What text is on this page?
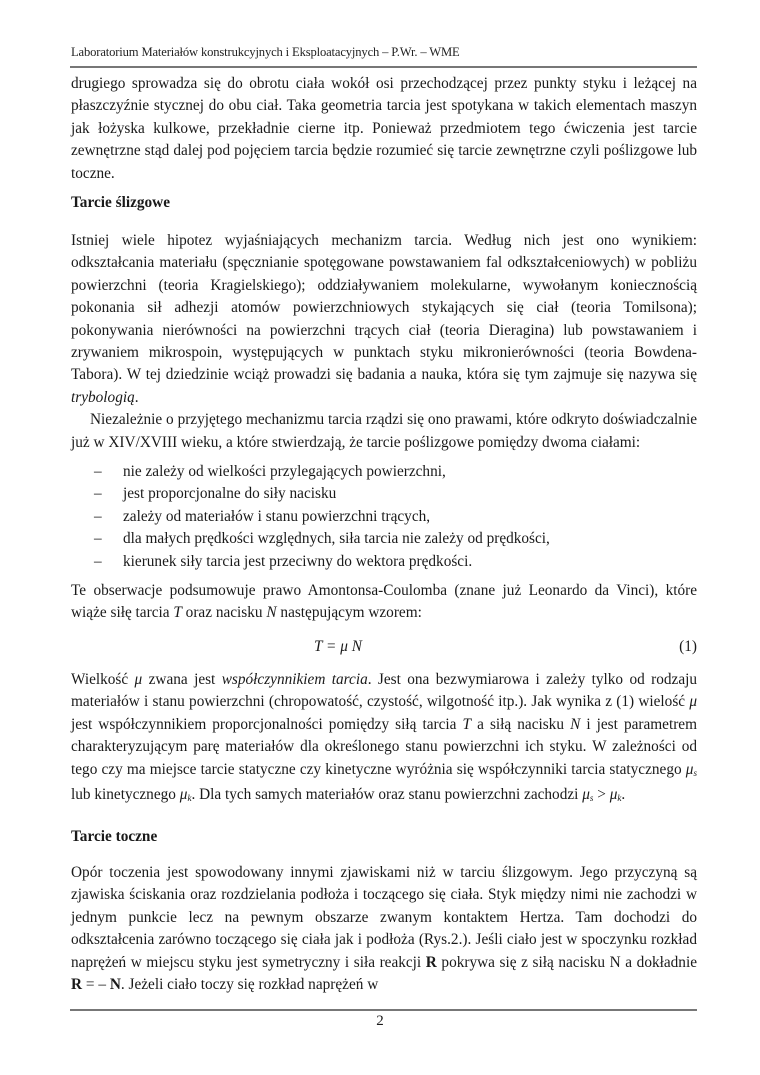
Laboratorium Materiałów konstrukcyjnych i Eksploatacyjnych – P.Wr. – WME

drugiego sprowadza się do obrotu ciała wokół osi przechodzącej przez punkty styku i leżącej na płaszczyźnie stycznej do obu ciał. Taka geometria tarcia jest spotykana w takich elementach maszyn jak łożyska kulkowe, przekładnie cierne itp. Ponieważ przedmiotem tego ćwiczenia jest tarcie zewnętrzne stąd dalej pod pojęciem tarcia będzie rozumieć się tarcie zewnętrzne czyli poślizgowe lub toczne.

Tarcie ślizgowe

Istniej wiele hipotez wyjaśniających mechanizm tarcia. Według nich jest ono wynikiem: odkształcania materiału (spęcznianie spotęgowane powstawaniem fal odkształceniowych) w pobliżu powierzchni (teoria Kragielskiego); oddziaływaniem molekularne, wywołanym koniecznością pokonania sił adhezji atomów powierzchniowych stykających się ciał (teoria Tomilsona); pokonywania nierówności na powierzchni trących ciał (teoria Dieragina) lub powstawaniem i zrywaniem mikrospoin, występujących w punktach styku mikronierówności (teoria Bowdena-Tabora). W tej dziedzinie wciąż prowadzi się badania a nauka, która się tym zajmuje się nazywa się trybologią.

Niezależnie o przyjętego mechanizmu tarcia rządzi się ono prawami, które odkryto doświadczalnie już w XIV/XVIII wieku, a które stwierdzają, że tarcie poślizgowe pomiędzy dwoma ciałami:

– nie zależy od wielkości przylegających powierzchni,
– jest proporcjonalne do siły nacisku
– zależy od materiałów i stanu powierzchni trących,
– dla małych prędkości względnych, siła tarcia nie zależy od prędkości,
– kierunek siły tarcia jest przeciwny do wektora prędkości.

Te obserwacje podsumowuje prawo Amontonsa-Coulomba (znane już Leonardo da Vinci), które wiąże siłę tarcia T oraz nacisku N następującym wzorem:

T = μ N	(1)

Wielkość μ zwana jest współczynnikiem tarcia. Jest ona bezwymiarowa i zależy tylko od rodzaju materiałów i stanu powierzchni (chropowatość, czystość, wilgotność itp.). Jak wynika z (1) wielość μ jest współczynnikiem proporcjonalności pomiędzy siłą tarcia T a siłą nacisku N i jest parametrem charakteryzującym parę materiałów dla określonego stanu powierzchni ich styku. W zależności od tego czy ma miejsce tarcie statyczne czy kinetyczne wyróżnia się współczynniki tarcia statycznego $\mu_s$ lub kinetycznego $\mu_k$. Dla tych samych materiałów oraz stanu powierzchni zachodzi $\mu_s > \mu_k$.

Tarcie toczne

Opór toczenia jest spowodowany innymi zjawiskami niż w tarciu ślizgowym. Jego przyczyną są zjawiska ściskania oraz rozdzielania podłoża i toczącego się ciała. Styk między nimi nie zachodzi w jednym punkcie lecz na pewnym obszarze zwanym kontaktem Hertza. Tam dochodzi do odkształcenia zarówno toczącego się ciała jak i podłoża (Rys.2.). Jeśli ciało jest w spoczynku rozkład naprężeń w miejscu styku jest symetryczny i siła reakcji R pokrywa się z siłą nacisku N a dokładnie R = – N. Jeżeli ciało toczy się rozkład naprężeń w

2
